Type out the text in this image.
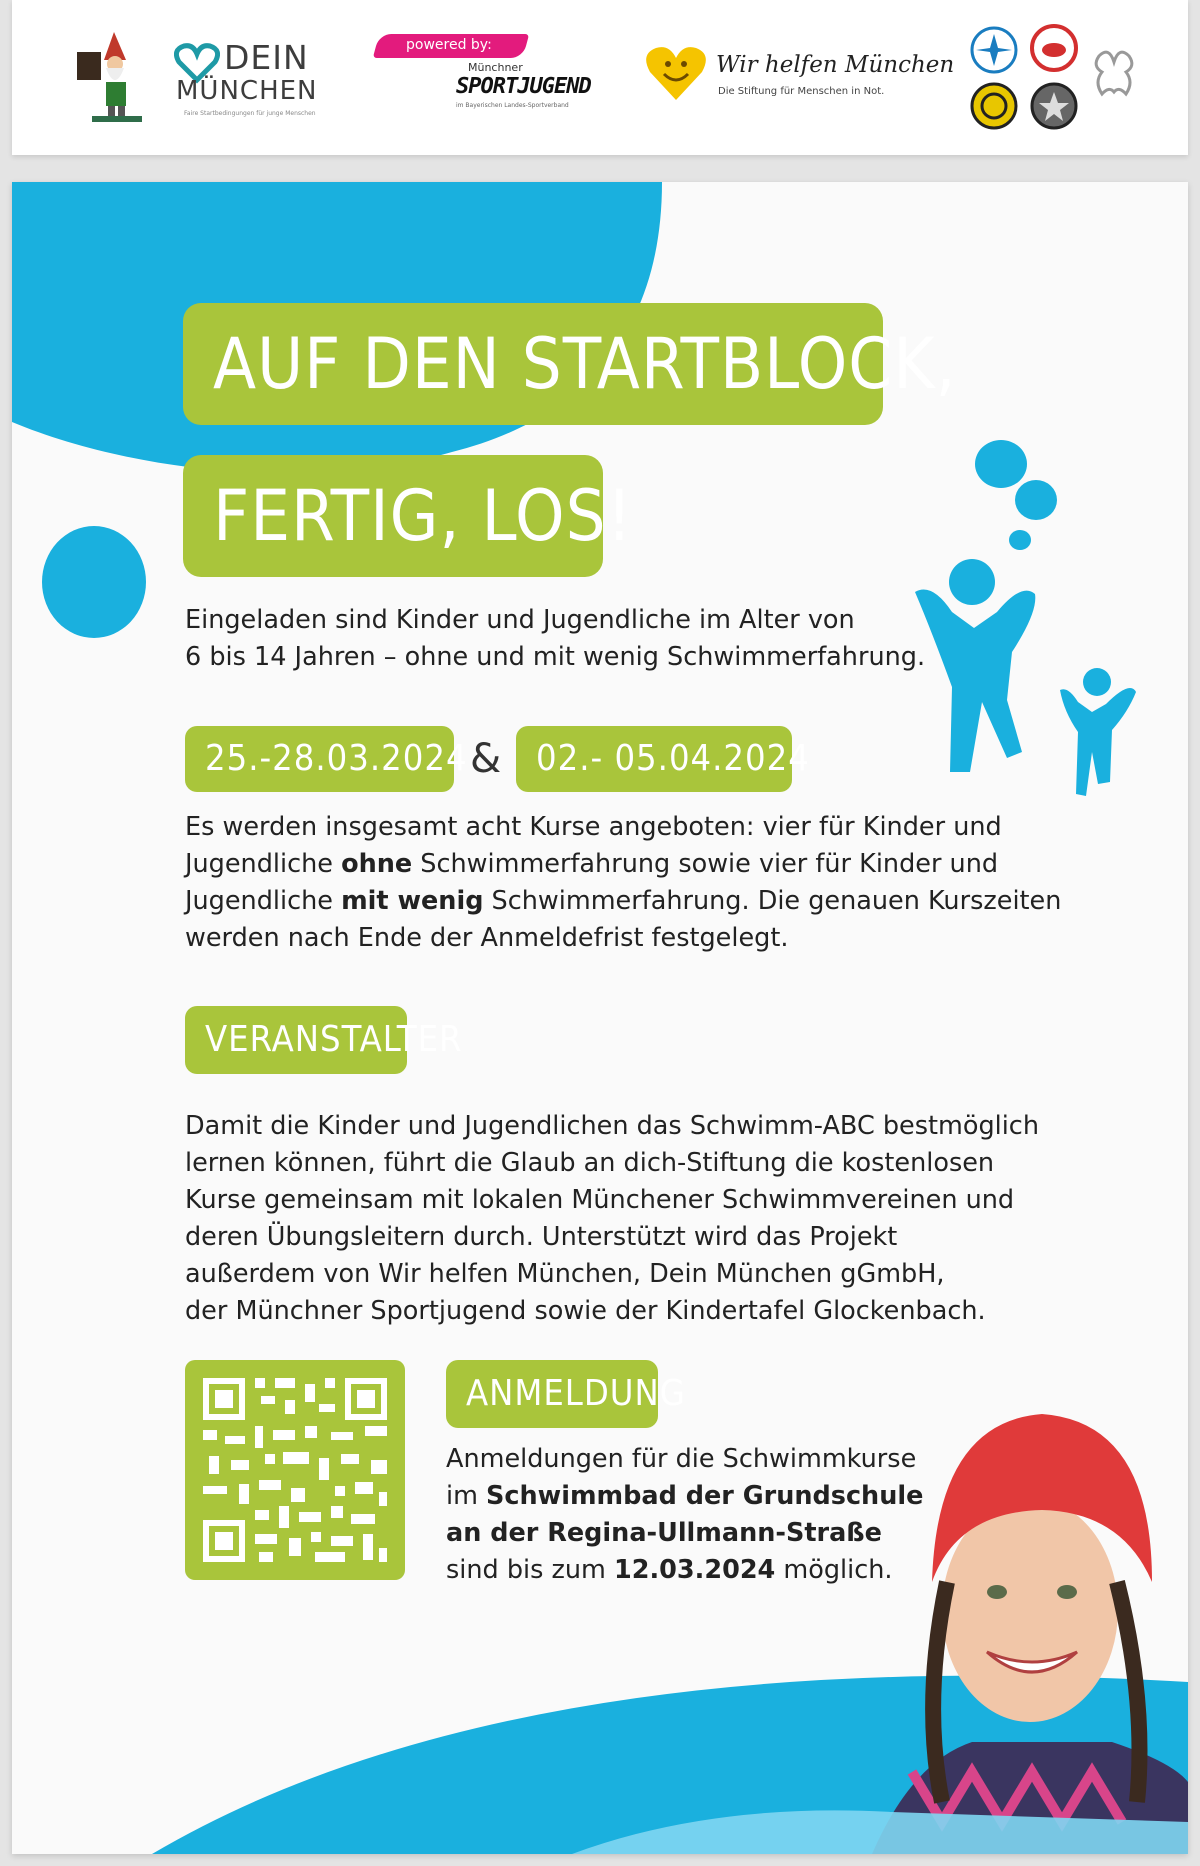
DEIN
MÜNCHEN
Faire Startbedingungen für junge Menschen
powered by:
Münchner
SPORTJUGEND
im Bayerischen Landes-Sportverband
Wir helfen München
Die Stiftung für Menschen in Not.
AUF DEN STARTBLOCK,
FERTIG, LOS!
Eingeladen sind Kinder und Jugendliche im Alter von
6 bis 14 Jahren – ohne und mit wenig Schwimmerfahrung.
25.-28.03.2024 & 02.- 05.04.2024
Es werden insgesamt acht Kurse angeboten: vier für Kinder und
Jugendliche ohne Schwimmerfahrung sowie vier für Kinder und
Jugendliche mit wenig Schwimmerfahrung. Die genauen Kurszeiten
werden nach Ende der Anmeldefrist festgelegt.
VERANSTALTER
Damit die Kinder und Jugendlichen das Schwimm-ABC bestmöglich
lernen können, führt die Glaub an dich-Stiftung die kostenlosen
Kurse gemeinsam mit lokalen Münchener Schwimmvereinen und
deren Übungsleitern durch. Unterstützt wird das Projekt
außerdem von Wir helfen München, Dein München gGmbH,
der Münchner Sportjugend sowie der Kindertafel Glockenbach.
ANMELDUNG
Anmeldungen für die Schwimmkurse
im Schwimmbad der Grundschule
an der Regina-Ullmann-Straße
sind bis zum 12.03.2024 möglich.
